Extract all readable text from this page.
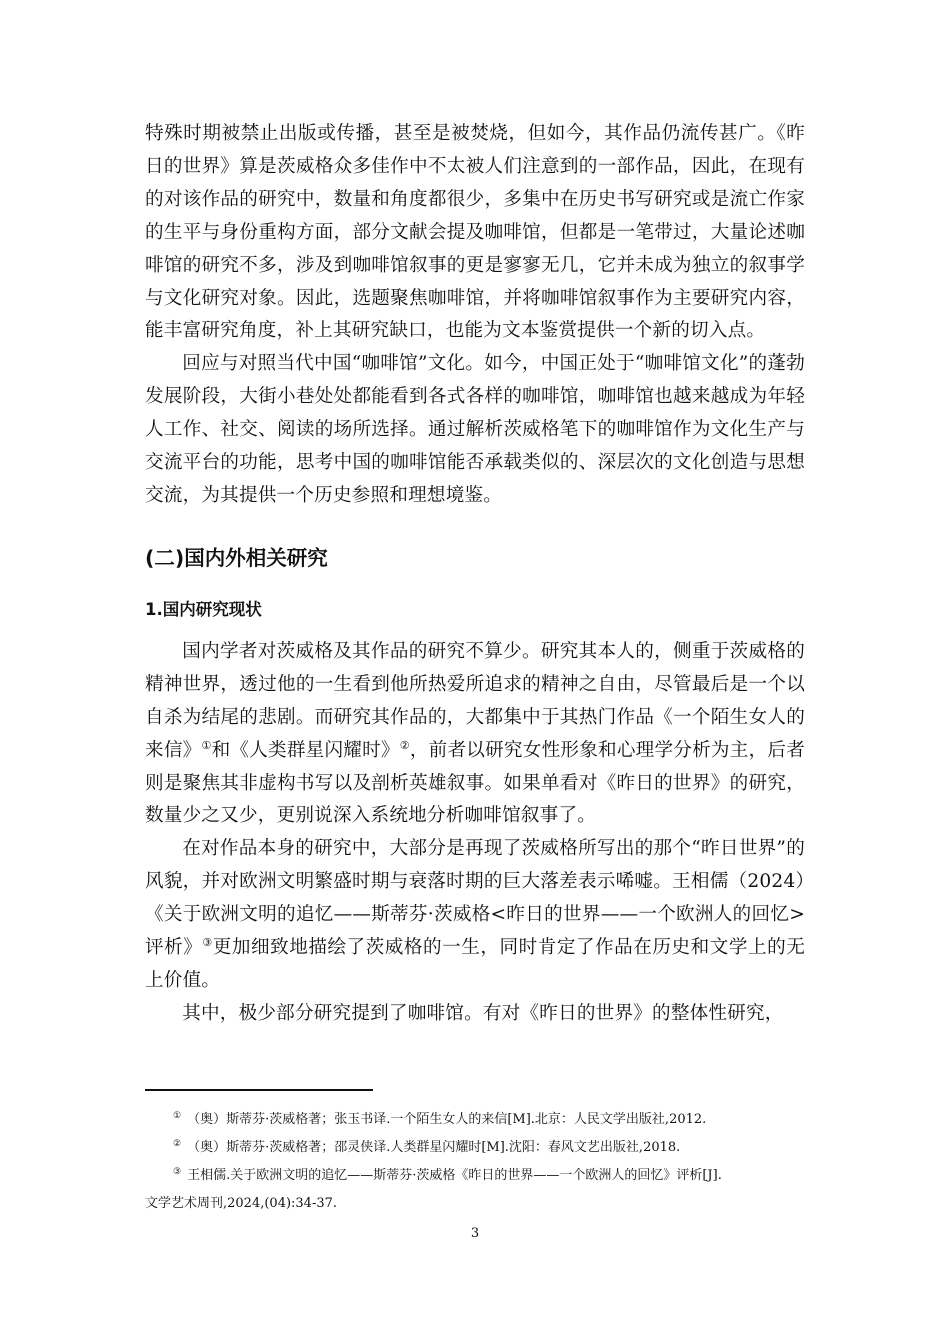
特殊时期被禁止出版或传播，甚至是被焚烧，但如今，其作品仍流传甚广。《昨日的世界》算是茨威格众多佳作中不太被人们注意到的一部作品，因此，在现有的对该作品的研究中，数量和角度都很少，多集中在历史书写研究或是流亡作家的生平与身份重构方面，部分文献会提及咖啡馆，但都是一笔带过，大量论述咖啡馆的研究不多，涉及到咖啡馆叙事的更是寥寥无几，它并未成为独立的叙事学与文化研究对象。因此，选题聚焦咖啡馆，并将咖啡馆叙事作为主要研究内容，能丰富研究角度，补上其研究缺口，也能为文本鉴赏提供一个新的切入点。

回应与对照当代中国“咖啡馆”文化。如今，中国正处于“咖啡馆文化”的蓬勃发展阶段，大街小巷处处都能看到各式各样的咖啡馆，咖啡馆也越来越成为年轻人工作、社交、阅读的场所选择。通过解析茨威格笔下的咖啡馆作为文化生产与交流平台的功能，思考中国的咖啡馆能否承载类似的、深层次的文化创造与思想交流，为其提供一个历史参照和理想境鉴。

(二)国内外相关研究
1.国内研究现状

国内学者对茨威格及其作品的研究不算少。研究其本人的，侧重于茨威格的精神世界，透过他的一生看到他所热爱所追求的精神之自由，尽管最后是一个以自杀为结尾的悲剧。而研究其作品的，大都集中于其热门作品《一个陌生女人的来信》①和《人类群星闪耀时》②，前者以研究女性形象和心理学分析为主，后者则是聚焦其非虚构书写以及剖析英雄叙事。如果单看对《昨日的世界》的研究，数量少之又少，更别说深入系统地分析咖啡馆叙事了。

在对作品本身的研究中，大部分是再现了茨威格所写出的那个“昨日世界”的风貌，并对欧洲文明繁盛时期与衰落时期的巨大落差表示唏嘘。王相儒（2024）《关于欧洲文明的追忆——斯蒂芬·茨威格<昨日的世界——一个欧洲人的回忆>评析》③更加细致地描绘了茨威格的一生，同时肯定了作品在历史和文学上的无上价值。

其中，极少部分研究提到了咖啡馆。有对《昨日的世界》的整体性研究，

① （奥）斯蒂芬·茨威格著；张玉书译.一个陌生女人的来信[M].北京：人民文学出版社,2012.

② （奥）斯蒂芬·茨威格著；邵灵侠译.人类群星闪耀时[M].沈阳：春风文艺出版社,2018.

③ 王相儒.关于欧洲文明的追忆——斯蒂芬·茨威格《昨日的世界——一个欧洲人的回忆》评析[J].
文学艺术周刊,2024,(04):34-37.

3
